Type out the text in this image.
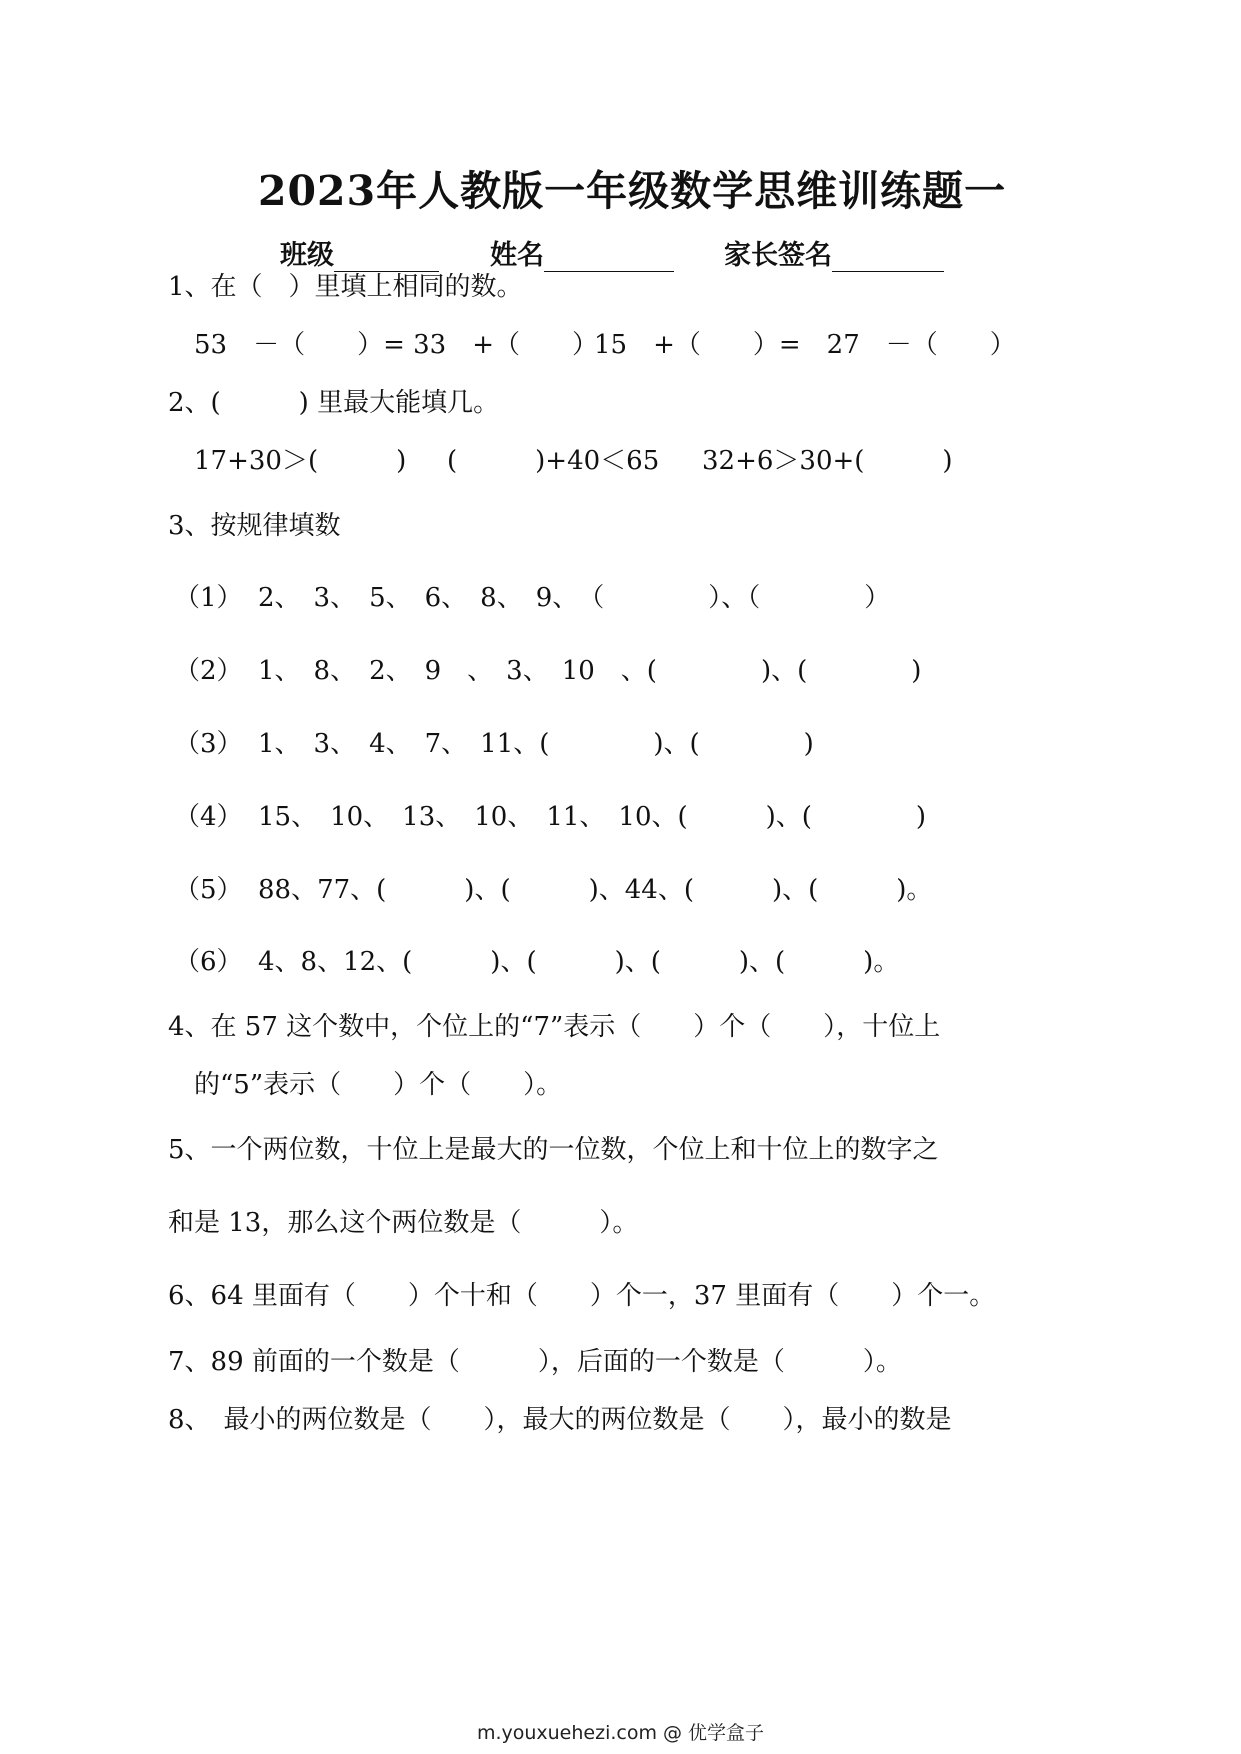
2023年人教版一年级数学思维训练题一
班级	姓名	家长签名
1、在（　）里填上相同的数。
53　－（　　）= 33　+（　　）
15　+（　　）=　27　－（　　）
2、(　　　) 里最大能填几。
17+30＞(　　　) (　　　)+40＜65 32+6＞30+(　　　)
3、按规律填数
（1） 2、　3、　5、　6、　8、　9、　（　　　　）、（　　　　）
（2） 1、　8、　2、　9　、　3、　10　、(　　　　)、(　　　　)
（3） 1、　3、　4、　7、　11、(　　　　)、(　　　　)
（4） 15、　10、　13、　10、　11、　10、(　　　)、(　　　　)
（5） 88、77、(　　　)、(　　　)、44、(　　　)、(　　　)。
（6） 4、8、12、(　　　)、(　　　)、(　　　)、(　　　)。
4、在 57 这个数中，个位上的“7”表示（　　）个（　　），十位上
的“5”表示（　　）个（　　）。
5、一个两位数，十位上是最大的一位数，个位上和十位上的数字之
和是 13，那么这个两位数是（　　　）。
6、64 里面有（　　）个十和（　　）个一，37 里面有（　　）个一。
7、89 前面的一个数是（　　　），后面的一个数是（　　　）。
8、　最小的两位数是（　　），最大的两位数是（　　），最小的数是
m.youxuehezi.com @ 优学盒子
